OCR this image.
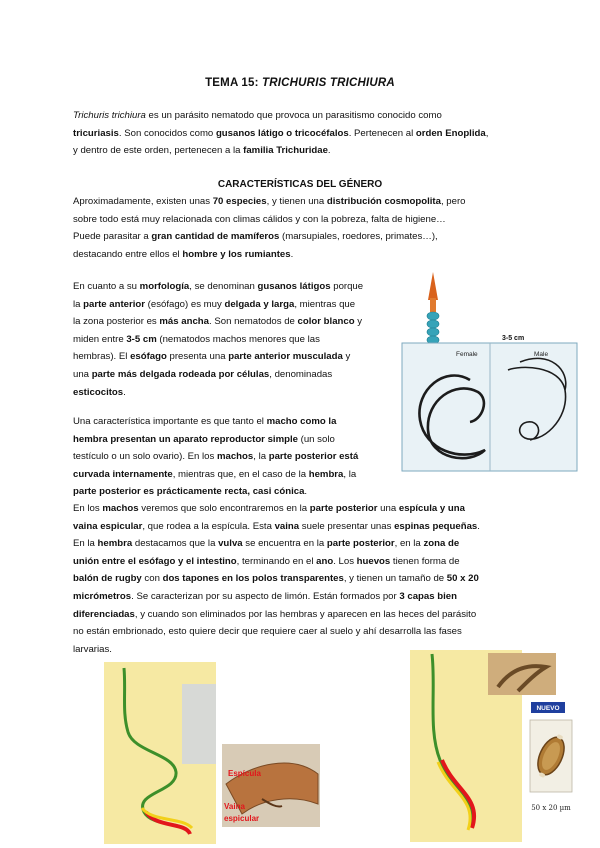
TEMA 15: TRICHURIS TRICHIURA
Trichuris trichiura es un parásito nematodo que provoca un parasitismo conocido como
tricuriasis. Son conocidos como gusanos látigo o tricocéfalos. Pertenecen al orden Enoplida,
y dentro de este orden, pertenecen a la familia Trichuridae.
CARACTERÍSTICAS DEL GÉNERO
Aproximadamente, existen unas 70 especies, y tienen una distribución cosmopolita, pero
sobre todo está muy relacionada con climas cálidos y con la pobreza, falta de higiene…
Puede parasitar a gran cantidad de mamíferos (marsupiales, roedores, primates…),
destacando entre ellos el hombre y los rumiantes.
En cuanto a su morfología, se denominan gusanos látigos porque
la parte anterior (esófago) es muy delgada y larga, mientras que
la zona posterior es más ancha. Son nematodos de color blanco y
miden entre 3-5 cm (nematodos machos menores que las
hembras). El esófago presenta una parte anterior musculada y
una parte más delgada rodeada por células, denominadas
esticocitos.
Una característica importante es que tanto el macho como la
hembra presentan un aparato reproductor simple (un solo
testículo o un solo ovario). En los machos, la parte posterior está
curvada internamente, mientras que, en el caso de la hembra, la
parte posterior es prácticamente recta, casi cónica.
En los machos veremos que solo encontraremos en la parte posterior una espícula y una
vaina espicular, que rodea a la espícula. Esta vaina suele presentar unas espinas pequeñas.
En la hembra destacamos que la vulva se encuentra en la parte posterior, en la zona de
unión entre el esófago y el intestino, terminando en el ano. Los huevos tienen forma de
balón de rugby con dos tapones en los polos transparentes, y tienen un tamaño de 50 x 20
micrómetros. Se caracterizan por su aspecto de limón. Están formados por 3 capas bien
diferenciadas, y cuando son eliminados por las hembras y aparecen en las heces del parásito
no están embrionado, esto quiere decir que requiere caer al suelo y ahí desarrolla las fases
larvarias.
3-5 cm
Female	Male
Espícula
Vaina
espicular
NUEVO
50 x 20 µm
